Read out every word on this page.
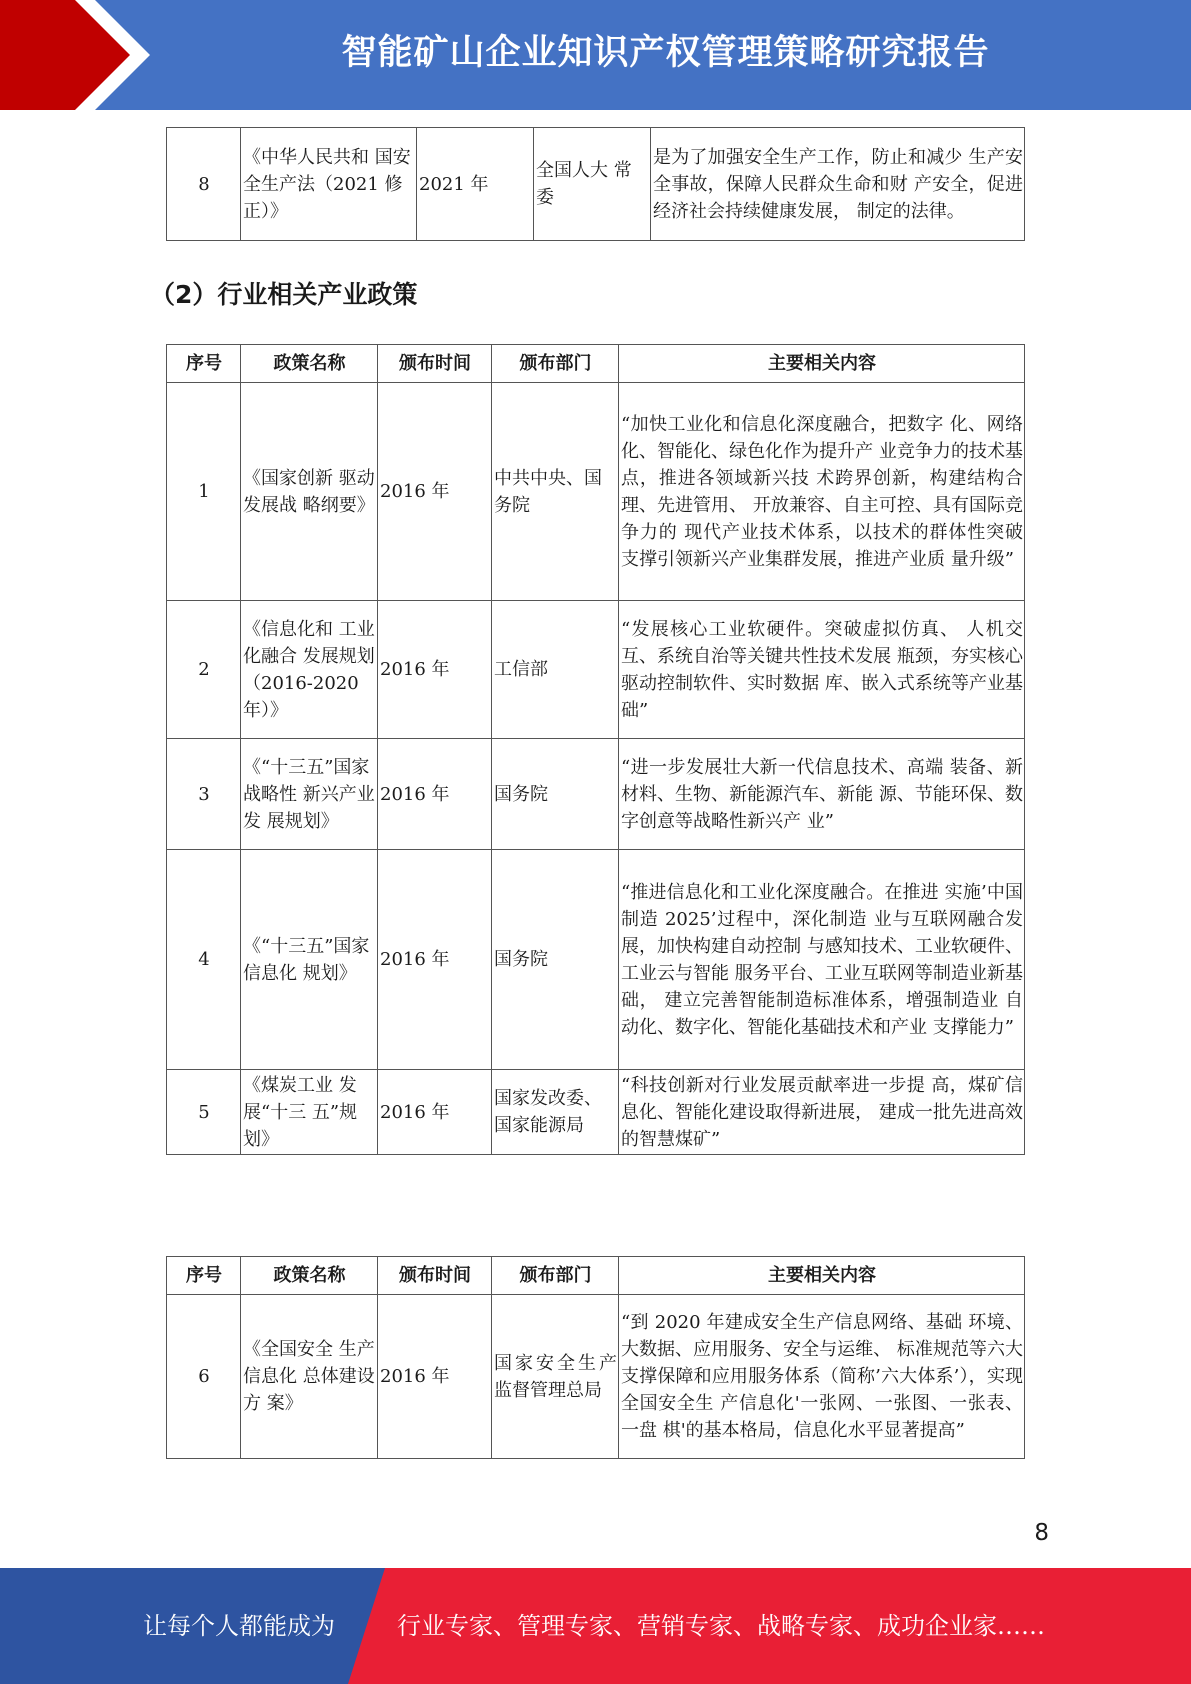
智能矿山企业知识产权管理策略研究报告
8	《中华人民共和 国安全生产法（2021 修正）》	2021 年	全国人大 常委	是为了加强安全生产工作，防止和减少 生产安全事故，保障人民群众生命和财 产安全，促进经济社会持续健康发展， 制定的法律。
（2）行业相关产业政策
序号	政策名称	颁布时间	颁布部门	主要相关内容
1	《国家创新 驱动发展战 略纲要》	2016 年	中共中央、国务院	“加快工业化和信息化深度融合，把数字 化、网络化、智能化、绿色化作为提升产 业竞争力的技术基点，推进各领域新兴技 术跨界创新，构建结构合理、先进管用、 开放兼容、自主可控、具有国际竞争力的 现代产业技术体系，以技术的群体性突破 支撑引领新兴产业集群发展，推进产业质 量升级”
2	《信息化和 工业化融合 发展规划（2016-2020 年）》	2016 年	工信部	“发展核心工业软硬件。突破虚拟仿真、 人机交互、系统自治等关键共性技术发展 瓶颈，夯实核心驱动控制软件、实时数据 库、嵌入式系统等产业基础”
3	《“十三五”国家战略性 新兴产业发 展规划》	2016 年	国务院	“进一步发展壮大新一代信息技术、高端 装备、新材料、生物、新能源汽车、新能 源、节能环保、数字创意等战略性新兴产 业”
4	《“十三五”国家信息化 规划》	2016 年	国务院	“推进信息化和工业化深度融合。在推进 实施’中国制造 2025’过程中，深化制造 业与互联网融合发展，加快构建自动控制 与感知技术、工业软硬件、工业云与智能 服务平台、工业互联网等制造业新基础， 建立完善智能制造标准体系，增强制造业 自动化、数字化、智能化基础技术和产业 支撑能力”
5	《煤炭工业 发展“十三 五”规划》	2016 年	国家发改委、国家能源局	“科技创新对行业发展贡献率进一步提 高，煤矿信息化、智能化建设取得新进展， 建成一批先进高效的智慧煤矿”
序号	政策名称	颁布时间	颁布部门	主要相关内容
6	《全国安全 生产信息化 总体建设方 案》	2016 年	国家安全生产监督管理总局	“到 2020 年建成安全生产信息网络、基础 环境、大数据、应用服务、安全与运维、 标准规范等六大支撑保障和应用服务体系（简称’六大体系’），实现全国安全生 产信息化'一张网、一张图、一张表、一盘 棋'的基本格局，信息化水平显著提高”
8
让每个人都能成为	行业专家、管理专家、营销专家、战略专家、成功企业家……
